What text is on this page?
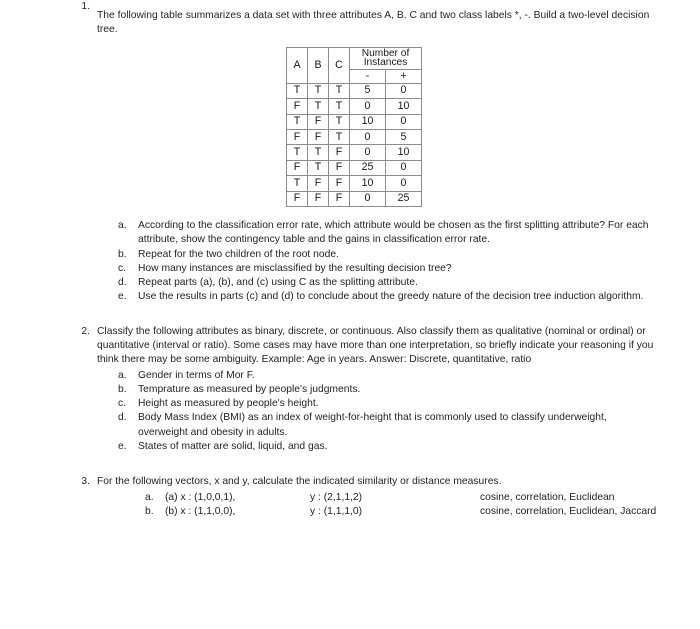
1.
The following table summarizes a data set with three attributes A, B. C and two class labels *, -. Build a two-level decision tree.
A	B	C	Number of
Instances	
			-	+
T	T	T	5	0
F	T	T	0	10
T	F	T	10	0
F	F	T	0	5
T	T	F	0	10
F	T	F	25	0
T	F	F	10	0
F	F	F	0	25
a.	According to the classification error rate, which attribute would be chosen as the first splitting attribute? For each attribute, show the contingency table and the gains in classification error rate.
b.	Repeat for the two children of the root node.
c.	How many instances are misclassified by the resulting decision tree?
d.	Repeat parts (a), (b), and (c) using C as the splitting attribute.
e.	Use the results in parts (c) and (d) to conclude about the greedy nature of the decision tree induction algorithm.
2. Classify the following attributes as binary, discrete, or continuous. Also classify them as qualitative (nominal or ordinal) or quantitative (interval or ratio). Some cases may have more than one interpretation, so briefly indicate your reasoning if you think there may be some ambiguity. Example: Age in years. Answer: Discrete, quantitative, ratio
a.	Gender in terms of Mor F.
b.	Temprature as measured by people's judgments.
c.	Height as measured by people's height.
d.	Body Mass Index (BMI) as an index of weight-for-height that is commonly used to classify underweight, overweight and obesity in adults.
e.	States of matter are solid, liquid, and gas.
3. For the following vectors, x and y, calculate the indicated similarity or distance measures.
a.	(a) x : (1,0,0,1),	y : (2,1,1,2)	cosine, correlation, Euclidean
b.	(b) x : (1,1,0,0),	y : (1,1,1,0)	cosine, correlation, Euclidean, Jaccard
